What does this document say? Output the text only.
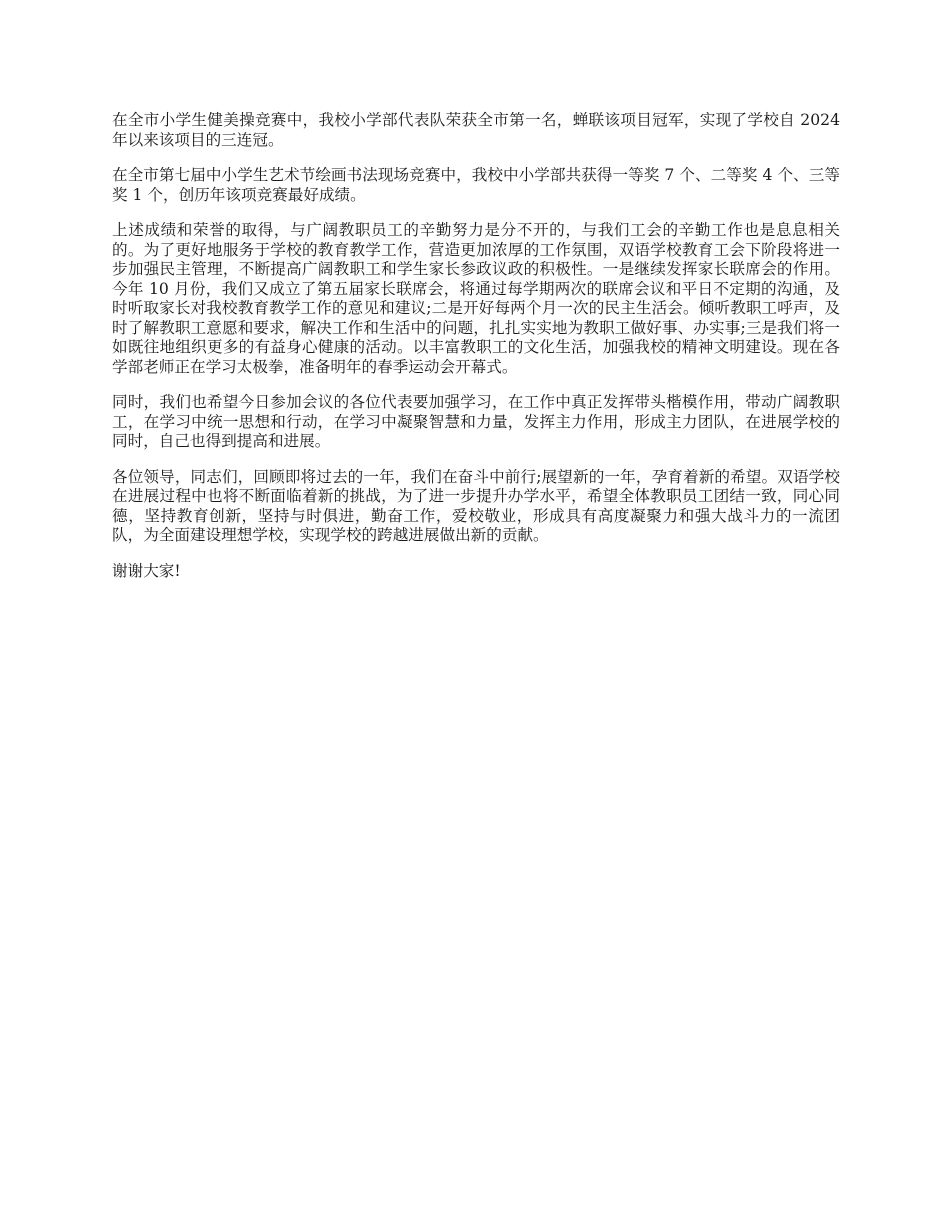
在全市小学生健美操竞赛中，我校小学部代表队荣获全市第一名，蝉联该项目冠军，实现了学校自 2024 年以来该项目的三连冠。

在全市第七届中小学生艺术节绘画书法现场竞赛中，我校中小学部共获得一等奖 7 个、二等奖 4 个、三等奖 1 个，创历年该项竞赛最好成绩。

上述成绩和荣誉的取得，与广阔教职员工的辛勤努力是分不开的，与我们工会的辛勤工作也是息息相关的。为了更好地服务于学校的教育教学工作，营造更加浓厚的工作氛围，双语学校教育工会下阶段将进一步加强民主管理，不断提高广阔教职工和学生家长参政议政的积极性。一是继续发挥家长联席会的作用。今年 10 月份，我们又成立了第五届家长联席会，将通过每学期两次的联席会议和平日不定期的沟通，及时听取家长对我校教育教学工作的意见和建议;二是开好每两个月一次的民主生活会。倾听教职工呼声，及时了解教职工意愿和要求，解决工作和生活中的问题，扎扎实实地为教职工做好事、办实事;三是我们将一如既往地组织更多的有益身心健康的活动。以丰富教职工的文化生活，加强我校的精神文明建设。现在各学部老师正在学习太极拳，准备明年的春季运动会开幕式。

同时，我们也希望今日参加会议的各位代表要加强学习，在工作中真正发挥带头楷模作用，带动广阔教职工，在学习中统一思想和行动，在学习中凝聚智慧和力量，发挥主力作用，形成主力团队，在进展学校的同时，自己也得到提高和进展。

各位领导，同志们，回顾即将过去的一年，我们在奋斗中前行;展望新的一年，孕育着新的希望。双语学校在进展过程中也将不断面临着新的挑战，为了进一步提升办学水平，希望全体教职员工团结一致，同心同德，坚持教育创新，坚持与时俱进，勤奋工作，爱校敬业，形成具有高度凝聚力和强大战斗力的一流团队，为全面建设理想学校，实现学校的跨越进展做出新的贡献。

谢谢大家!
